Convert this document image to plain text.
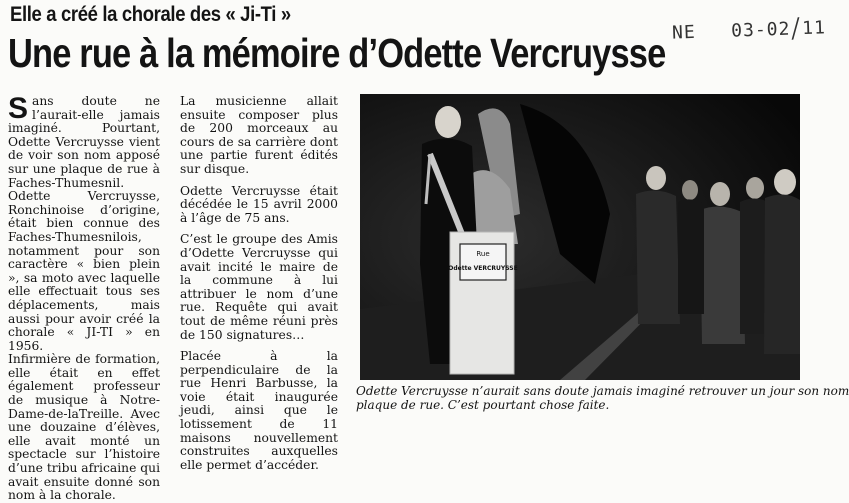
Elle a créé la chorale des « Ji-Ti »
Une rue à la mémoire d’Odette Vercruysse NE 03-02/11

Sans doute ne l’aurait-elle jamais imaginé. Pourtant, Odette Vercruysse vient de voir son nom apposé sur une plaque de rue à Faches-Thumesnil.

Odette Vercruysse, Ronchinoise d’origine, était bien connue des Faches-Thumesnilois, notamment pour son caractère « bien plein », sa moto avec laquelle elle effectuait tous ses déplacements, mais aussi pour avoir créé la chorale « JI-TI » en 1956.

Infirmière de formation, elle était en effet également professeur de musique à Notre-Dame-de-laTreille. Avec une douzaine d’élèves, elle avait monté un spectacle sur l’histoire d’une tribu africaine qui avait ensuite donné son nom à la chorale.

La musicienne allait ensuite composer plus de 200 morceaux au cours de sa carrière dont une partie furent édités sur disque.

Odette Vercruysse était décédée le 15 avril 2000 à l’âge de 75 ans.

C’est le groupe des Amis d’Odette Vercruysse qui avait incité le maire de la commune à lui attribuer le nom d’une rue. Requête qui avait tout de même réuni près de 150 signatures…

Placée à la perpendiculaire de la rue Henri Barbusse, la voie était inaugurée jeudi, ainsi que le lotissement de 11 maisons nouvellement construites auxquelles elle permet d’accéder.

Rue
Odette VERCRUYSSE
Odette Vercruysse n’aurait sans doute jamais imaginé retrouver un jour son nom
plaque de rue. C’est pourtant chose faite.
